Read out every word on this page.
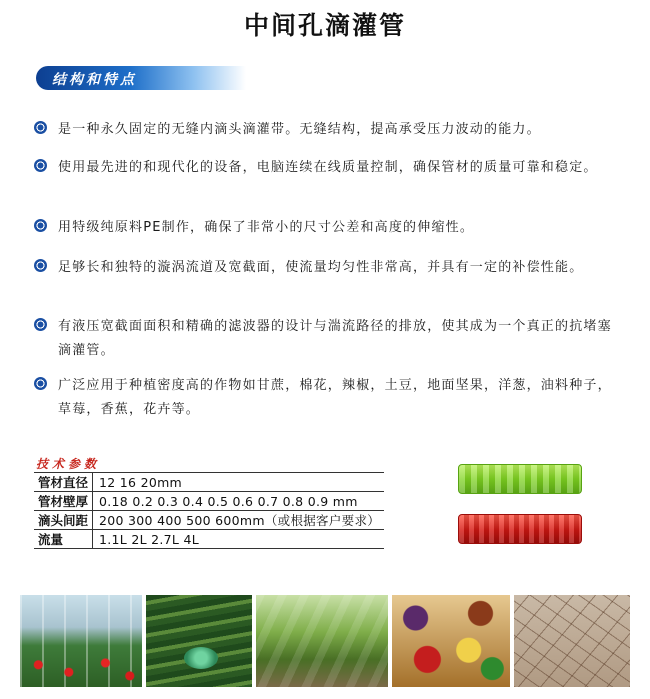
中间孔滴灌管
结构和特点
是一种永久固定的无缝内滴头滴灌带。无缝结构，提高承受压力波动的能力。
使用最先进的和现代化的设备，电脑连续在线质量控制，确保管材的质量可靠和稳定。
用特级纯原料PE制作，确保了非常小的尺寸公差和高度的伸缩性。
足够长和独特的漩涡流道及宽截面，使流量均匀性非常高，并具有一定的补偿性能。
有液压宽截面面积和精确的滤波器的设计与湍流路径的排放，使其成为一个真正的抗堵塞滴灌管。
广泛应用于种植密度高的作物如甘蔗，棉花，辣椒，土豆，地面坚果，洋葱，油料种子，草莓，香蕉，花卉等。
技术参数
管材直径	12 16 20mm
管材壁厚	0.18 0.2 0.3 0.4 0.5 0.6 0.7 0.8 0.9 mm
滴头间距	200 300 400 500 600mm（或根据客户要求）
流量	1.1L 2L 2.7L 4L
